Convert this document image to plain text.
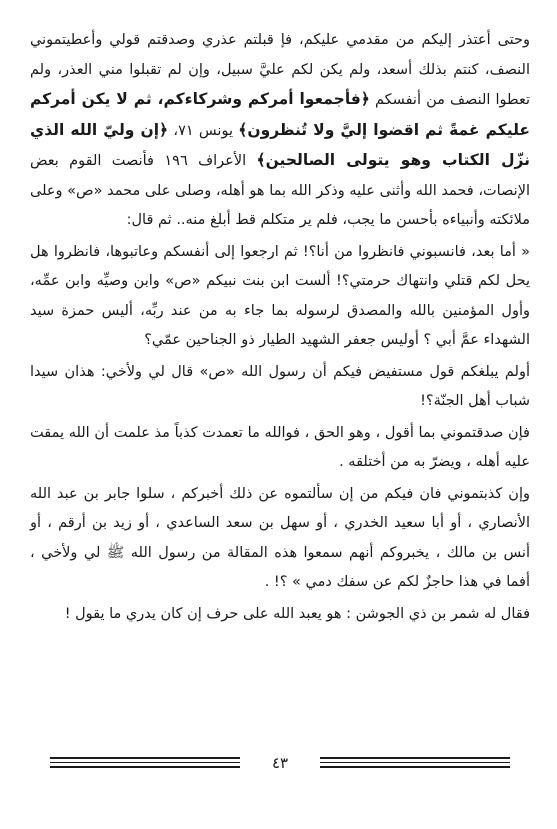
وحتى أعتذر إليكم من مقدمي عليكم، فإ قبلتم عذري وصدقتم قولي وأعطيتموني النصف، كنتم بذلك أسعد، ولم يكن لكم عليَّ سبيل، وإن لم تقبلوا مني العذر، ولم تعطوا النصف من أنفسكم ﴿فأجمعوا أمركم وشركاءكم، ثم لا يكن أمركم عليكم غمةً ثم اقضوا إليَّ ولا تُنظرون﴾ يونس ٧١، ﴿إن وليّ الله الذي نزّل الكتاب وهو يتولى الصالحين﴾ الأعراف ١٩٦ فأنصت القوم بعض الإنصات، فحمد الله وأثنى عليه وذكر الله بما هو أهله، وصلى على محمد «ص» وعلى ملائكته وأنبياءه بأحسن ما يجب، فلم ير متكلم قط أبلغ منه.. ثم قال:

« أما بعد، فانسبوني فانظروا من أنا؟! ثم ارجعوا إلى أنفسكم وعاتبوها، فانظروا هل يحل لكم قتلي وانتهاك حرمتي؟! ألست ابن بنت نبيكم «ص» وابن وصيِّه وابن عمِّه، وأول المؤمنين بالله والمصدق لرسوله بما جاء به من عند ربِّه، أليس حمزة سيد الشهداء عمَّ أبي ؟ أوليس جعفر الشهيد الطيار ذو الجناحين عمّي؟

أولم يبلغكم قول مستفيض فيكم أن رسول الله «ص» قال لي ولأخي: هذان سيدا شباب أهل الجنّة؟!

فإن صدقتموني بما أقول ، وهو الحق ، فوالله ما تعمدت كذباً مذ علمت أن الله يمقت عليه أهله ، ويضرّ به من أختلقه .

وإن كذبتموني فان فيكم من إن سألتموه عن ذلك أخبركم ، سلوا جابر بن عبد الله الأنصاري ، أو أبا سعيد الخدري ، أو سهل بن سعد الساعدي ، أو زيد بن أرقم ، أو أنس بن مالك ، يخبروكم أنهم سمعوا هذه المقالة من رسول الله ﷺ لي ولأخي ، أفما في هذا حاجزٌ لكم عن سفك دمي » ؟! .

فقال له شمر بن ذي الجوشن : هو يعبد الله على حرف إن كان يدري ما يقول !

٤٣
